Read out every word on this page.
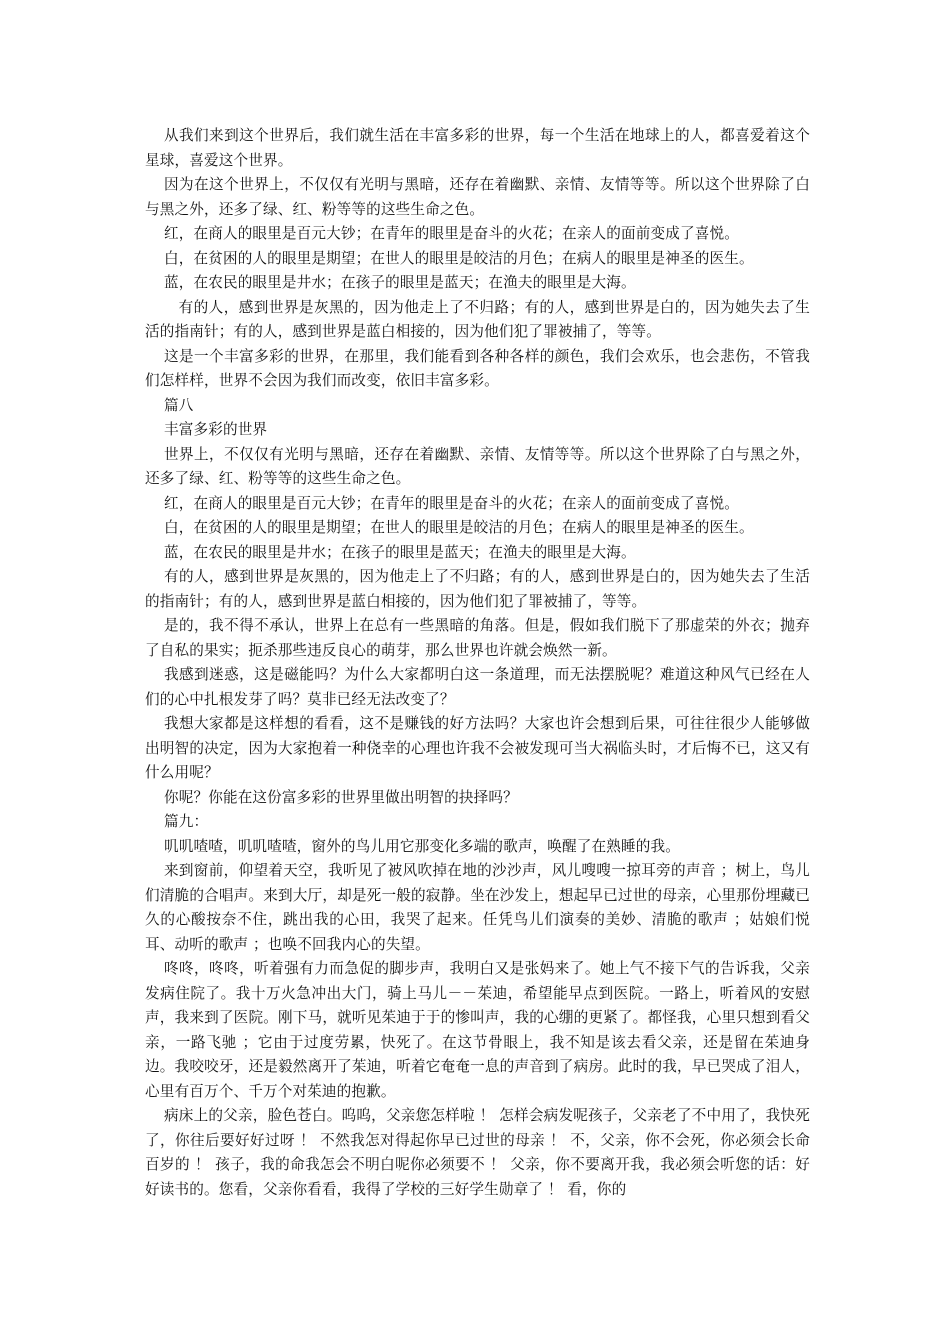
从我们来到这个世界后，我们就生活在丰富多彩的世界，每一个生活在地球上的人，都喜爱着这个星球，喜爱这个世界。

因为在这个世界上，不仅仅有光明与黑暗，还存在着幽默、亲情、友情等等。所以这个世界除了白与黑之外，还多了绿、红、粉等等的这些生命之色。

红，在商人的眼里是百元大钞；在青年的眼里是奋斗的火花；在亲人的面前变成了喜悦。

白，在贫困的人的眼里是期望；在世人的眼里是皎洁的月色；在病人的眼里是神圣的医生。

蓝，在农民的眼里是井水；在孩子的眼里是蓝天；在渔夫的眼里是大海。

有的人，感到世界是灰黑的，因为他走上了不归路；有的人，感到世界是白的，因为她失去了生活的指南针；有的人，感到世界是蓝白相接的，因为他们犯了罪被捕了，等等。

这是一个丰富多彩的世界，在那里，我们能看到各种各样的颜色，我们会欢乐，也会悲伤，不管我们怎样样，世界不会因为我们而改变，依旧丰富多彩。

篇八

丰富多彩的世界

世界上，不仅仅有光明与黑暗，还存在着幽默、亲情、友情等等。所以这个世界除了白与黑之外，还多了绿、红、粉等等的这些生命之色。

红，在商人的眼里是百元大钞；在青年的眼里是奋斗的火花；在亲人的面前变成了喜悦。

白，在贫困的人的眼里是期望；在世人的眼里是皎洁的月色；在病人的眼里是神圣的医生。

蓝，在农民的眼里是井水；在孩子的眼里是蓝天；在渔夫的眼里是大海。

有的人，感到世界是灰黑的，因为他走上了不归路；有的人，感到世界是白的，因为她失去了生活的指南针；有的人，感到世界是蓝白相接的，因为他们犯了罪被捕了，等等。

是的，我不得不承认，世界上在总有一些黑暗的角落。但是，假如我们脱下了那虚荣的外衣；抛弃了自私的果实；扼杀那些违反良心的萌芽，那么世界也许就会焕然一新。

我感到迷惑，这是磁能吗？为什么大家都明白这一条道理，而无法摆脱呢？难道这种风气已经在人们的心中扎根发芽了吗？莫非已经无法改变了？

我想大家都是这样想的看看，这不是赚钱的好方法吗？大家也许会想到后果，可往往很少人能够做出明智的决定，因为大家抱着一种侥幸的心理也许我不会被发现可当大祸临头时，才后悔不已，这又有什么用呢？

你呢？你能在这份富多彩的世界里做出明智的抉择吗？

篇九：

叽叽喳喳，叽叽喳喳，窗外的鸟儿用它那变化多端的歌声，唤醒了在熟睡的我。

来到窗前，仰望着天空，我听见了被风吹掉在地的沙沙声，风儿嗖嗖一掠耳旁的声音 ；树上，鸟儿们清脆的合唱声。来到大厅，却是死一般的寂静。坐在沙发上，想起早已过世的母亲，心里那份埋藏已久的心酸按奈不住，跳出我的心田，我哭了起来。任凭鸟儿们演奏的美妙、清脆的歌声 ；姑娘们悦耳、动听的歌声 ；也唤不回我内心的失望。

咚咚，咚咚，听着强有力而急促的脚步声，我明白又是张妈来了。她上气不接下气的告诉我，父亲发病住院了。我十万火急冲出大门，骑上马儿－－茱迪，希望能早点到医院。一路上，听着风的安慰声，我来到了医院。刚下马，就听见茱迪于于的惨叫声，我的心绷的更紧了。都怪我，心里只想到看父亲，一路飞驰 ；它由于过度劳累，快死了。在这节骨眼上，我不知是该去看父亲，还是留在茱迪身边。我咬咬牙，还是毅然离开了茱迪，听着它奄奄一息的声音到了病房。此时的我，早已哭成了泪人，心里有百万个、千万个对茱迪的抱歉。

病床上的父亲，脸色苍白。呜呜，父亲您怎样啦 ！ 怎样会病发呢孩子，父亲老了不中用了，我快死了，你往后要好好过呀 ！ 不然我怎对得起你早已过世的母亲 ！ 不，父亲，你不会死，你必须会长命百岁的 ！ 孩子，我的命我怎会不明白呢你必须要不 ！ 父亲，你不要离开我，我必须会听您的话：好好读书的。您看，父亲你看看，我得了学校的三好学生勋章了 ！ 看，你的
